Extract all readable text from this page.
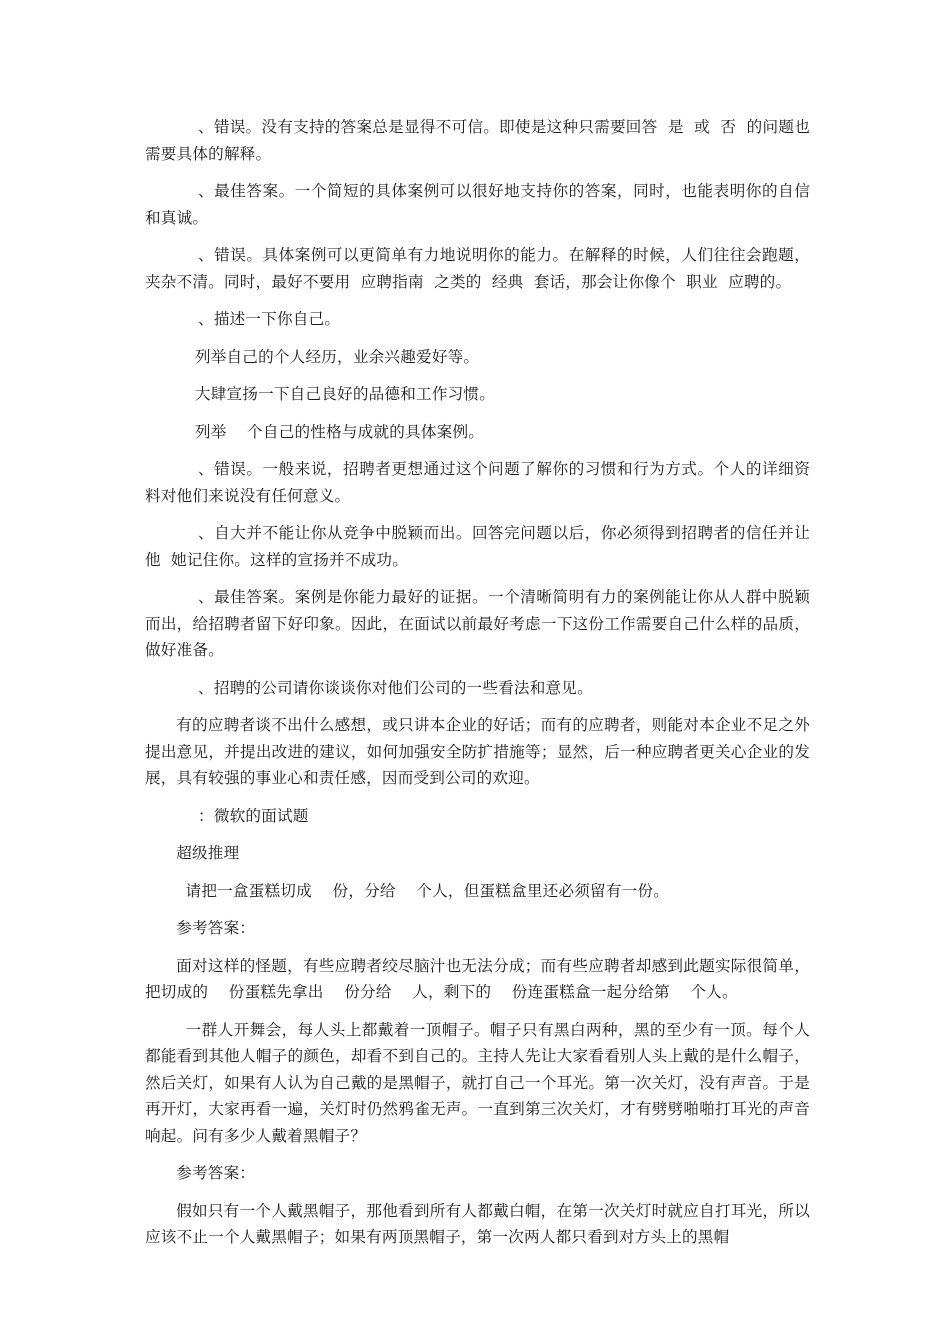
、错误。没有支持的答案总是显得不可信。即使是这种只需要回答  是  或  否  的问题也需要具体的解释。

、最佳答案。一个简短的具体案例可以很好地支持你的答案，同时，也能表明你的自信和真诚。

、错误。具体案例可以更简单有力地说明你的能力。在解释的时候，人们往往会跑题，夹杂不清。同时，最好不要用  应聘指南  之类的  经典  套话，那会让你像个  职业  应聘的。

、描述一下你自己。

列举自己的个人经历，业余兴趣爱好等。

大肆宣扬一下自己良好的品德和工作习惯。

列举    个自己的性格与成就的具体案例。

、错误。一般来说，招聘者更想通过这个问题了解你的习惯和行为方式。个人的详细资料对他们来说没有任何意义。

、自大并不能让你从竞争中脱颖而出。回答完问题以后，你必须得到招聘者的信任并让他  她记住你。这样的宣扬并不成功。

、最佳答案。案例是你能力最好的证据。一个清晰简明有力的案例能让你从人群中脱颖而出，给招聘者留下好印象。因此，在面试以前最好考虑一下这份工作需要自己什么样的品质，做好准备。

、招聘的公司请你谈谈你对他们公司的一些看法和意见。

有的应聘者谈不出什么感想，或只讲本企业的好话；而有的应聘者，则能对本企业不足之外提出意见，并提出改进的建议，如何加强安全防扩措施等；显然，后一种应聘者更关心企业的发展，具有较强的事业心和责任感，因而受到公司的欢迎。

：微软的面试题

超级推理

请把一盒蛋糕切成    份，分给    个人，但蛋糕盒里还必须留有一份。

参考答案：

面对这样的怪题，有些应聘者绞尽脑汁也无法分成；而有些应聘者却感到此题实际很简单，把切成的    份蛋糕先拿出    份分给    人，剩下的    份连蛋糕盒一起分给第    个人。

一群人开舞会，每人头上都戴着一顶帽子。帽子只有黑白两种，黑的至少有一顶。每个人都能看到其他人帽子的颜色，却看不到自己的。主持人先让大家看看别人头上戴的是什么帽子，然后关灯，如果有人认为自己戴的是黑帽子，就打自己一个耳光。第一次关灯，没有声音。于是再开灯，大家再看一遍，关灯时仍然鸦雀无声。一直到第三次关灯，才有劈劈啪啪打耳光的声音响起。问有多少人戴着黑帽子？

参考答案：

假如只有一个人戴黑帽子，那他看到所有人都戴白帽，在第一次关灯时就应自打耳光，所以应该不止一个人戴黑帽子；如果有两顶黑帽子，第一次两人都只看到对方头上的黑帽
